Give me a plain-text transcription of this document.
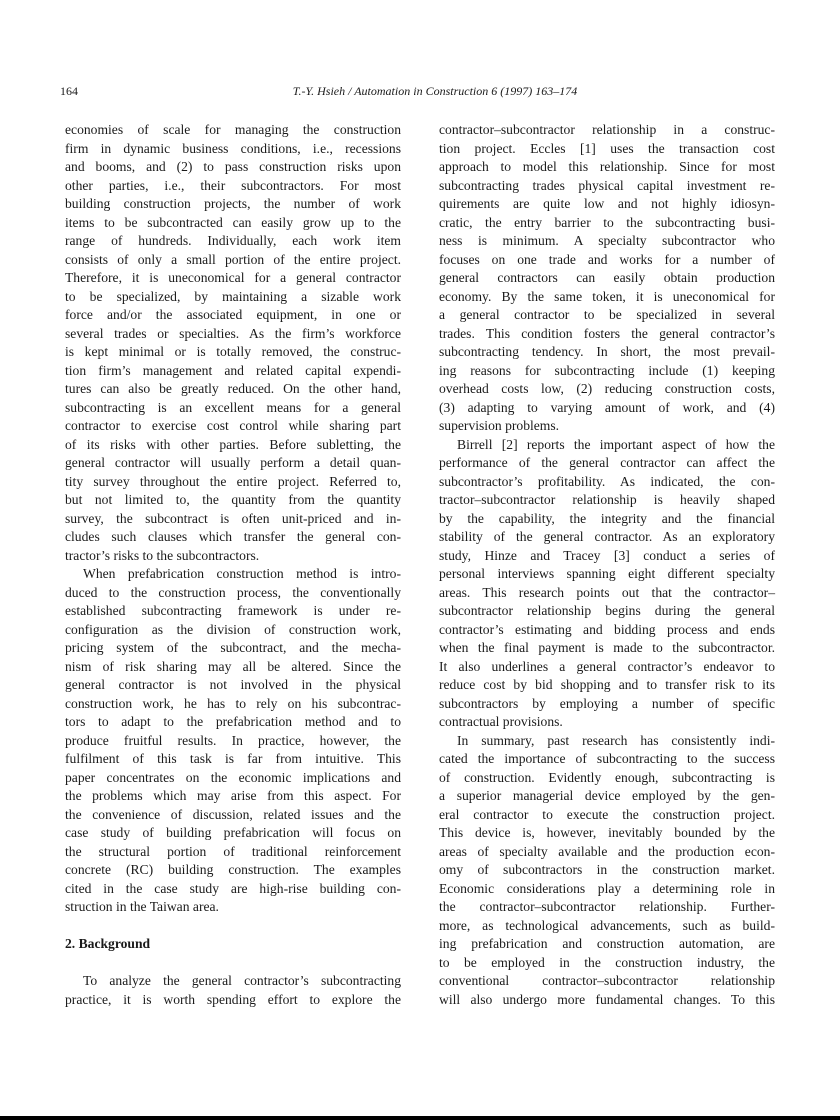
164	T.-Y. Hsieh / Automation in Construction 6 (1997) 163–174
economies of scale for managing the construction
firm in dynamic business conditions, i.e., recessions
and booms, and (2) to pass construction risks upon
other parties, i.e., their subcontractors. For most
building construction projects, the number of work
items to be subcontracted can easily grow up to the
range of hundreds. Individually, each work item
consists of only a small portion of the entire project.
Therefore, it is uneconomical for a general contractor
to be specialized, by maintaining a sizable work
force and/or the associated equipment, in one or
several trades or specialties. As the firm’s workforce
is kept minimal or is totally removed, the construc-
tion firm’s management and related capital expendi-
tures can also be greatly reduced. On the other hand,
subcontracting is an excellent means for a general
contractor to exercise cost control while sharing part
of its risks with other parties. Before subletting, the
general contractor will usually perform a detail quan-
tity survey throughout the entire project. Referred to,
but not limited to, the quantity from the quantity
survey, the subcontract is often unit-priced and in-
cludes such clauses which transfer the general con-
tractor’s risks to the subcontractors.
When prefabrication construction method is intro-
duced to the construction process, the conventionally
established subcontracting framework is under re-
configuration as the division of construction work,
pricing system of the subcontract, and the mecha-
nism of risk sharing may all be altered. Since the
general contractor is not involved in the physical
construction work, he has to rely on his subcontrac-
tors to adapt to the prefabrication method and to
produce fruitful results. In practice, however, the
fulfilment of this task is far from intuitive. This
paper concentrates on the economic implications and
the problems which may arise from this aspect. For
the convenience of discussion, related issues and the
case study of building prefabrication will focus on
the structural portion of traditional reinforcement
concrete (RC) building construction. The examples
cited in the case study are high-rise building con-
struction in the Taiwan area.
2. Background
To analyze the general contractor’s subcontracting
practice, it is worth spending effort to explore the
contractor–subcontractor relationship in a construc-
tion project. Eccles [1] uses the transaction cost
approach to model this relationship. Since for most
subcontracting trades physical capital investment re-
quirements are quite low and not highly idiosyn-
cratic, the entry barrier to the subcontracting busi-
ness is minimum. A specialty subcontractor who
focuses on one trade and works for a number of
general contractors can easily obtain production
economy. By the same token, it is uneconomical for
a general contractor to be specialized in several
trades. This condition fosters the general contractor’s
subcontracting tendency. In short, the most prevail-
ing reasons for subcontracting include (1) keeping
overhead costs low, (2) reducing construction costs,
(3) adapting to varying amount of work, and (4)
supervision problems.
Birrell [2] reports the important aspect of how the
performance of the general contractor can affect the
subcontractor’s profitability. As indicated, the con-
tractor–subcontractor relationship is heavily shaped
by the capability, the integrity and the financial
stability of the general contractor. As an exploratory
study, Hinze and Tracey [3] conduct a series of
personal interviews spanning eight different specialty
areas. This research points out that the contractor–
subcontractor relationship begins during the general
contractor’s estimating and bidding process and ends
when the final payment is made to the subcontractor.
It also underlines a general contractor’s endeavor to
reduce cost by bid shopping and to transfer risk to its
subcontractors by employing a number of specific
contractual provisions.
In summary, past research has consistently indi-
cated the importance of subcontracting to the success
of construction. Evidently enough, subcontracting is
a superior managerial device employed by the gen-
eral contractor to execute the construction project.
This device is, however, inevitably bounded by the
areas of specialty available and the production econ-
omy of subcontractors in the construction market.
Economic considerations play a determining role in
the contractor–subcontractor relationship. Further-
more, as technological advancements, such as build-
ing prefabrication and construction automation, are
to be employed in the construction industry, the
conventional contractor–subcontractor relationship
will also undergo more fundamental changes. To this
